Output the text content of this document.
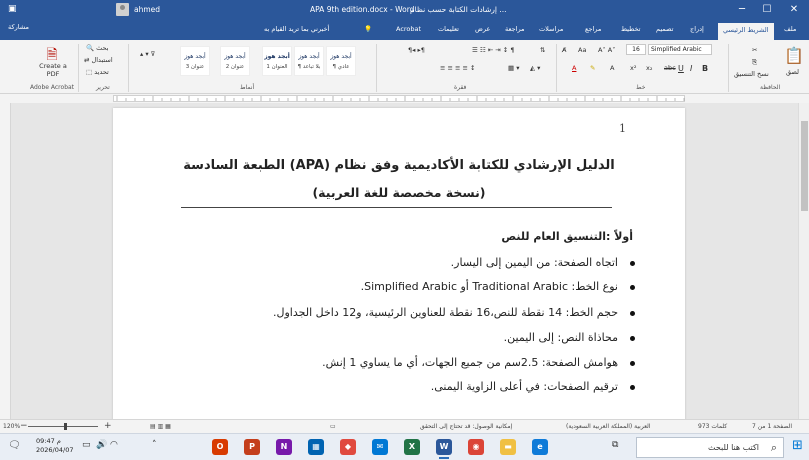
─	☐	✕
APA 9th edition.docx - Word
إرشادات الكتابة حسب نظام ...
ahmed
▣
ملف
الشريط الرئيسي
إدراج
تصميم
تخطيط
مراجع
مراسلات
مراجعة
عرض
تعليمات
Acrobat
💡
أخبرني بما تريد القيام به
مشاركة
📋
لصق
✂
⎘
نسخ التنسيق
الحافظة
Simplified Arabic
16
A˄ A˅
Aa
A̸
B
I
U
abc
x₂
x²
A
✎
A
خط
☰ ☷ ⇤ ⇥ ↕ ¶	⇅
¶◂ ▸¶
≡ ≡ ≡ ≡ ↕	▦ ▾ ◭ ▾
فقرة
أبجد هوز
¶ عادي
أبجد هوز
¶ بلا تباعد
أبجد هوز
العنوان 1
أبجد هوز
عنوان 2
أبجد هوز
عنوان 3
▴ ▾ ⊽
أنماط
🔍 بحث
⇄ استبدال
⬚ تحديد
تحرير
🗎
Create a PDF
Adobe Acrobat
1
الدليل الإرشادي للكتابة الأكاديمية وفق نظام (APA) الطبعة السادسة
(نسخة مخصصة للغة العربية)
أولاً :التنسيق العام للنص
اتجاه الصفحة: من اليمين إلى اليسار.
نوع الخط: Traditional Arabic أو Simplified Arabic.
حجم الخط: 14 نقطة للنص،16 نقطة للعناوين الرئيسية، و12 داخل الجداول.
محاذاة النص: إلى اليمين.
هوامش الصفحة: 2.5سم من جميع الجهات، أي ما يساوي 1 إنش.
ترقيم الصفحات: في أعلى الزاوية اليمنى.
الصفحة 1 من 7
973 كلمات
العربية (المملكة العربية السعودية)
إمكانية الوصول: قد تحتاج إلى التحقق
▭
▤ ▥ ▦
+
−
120%
⊞
⌕
اكتب هنا للبحث
⧉
O	P	N	▦	◆	✉	X	W	◉	▬	e
˄
◠
🔊
▭
09:47 م
2026/04/07
🗨
